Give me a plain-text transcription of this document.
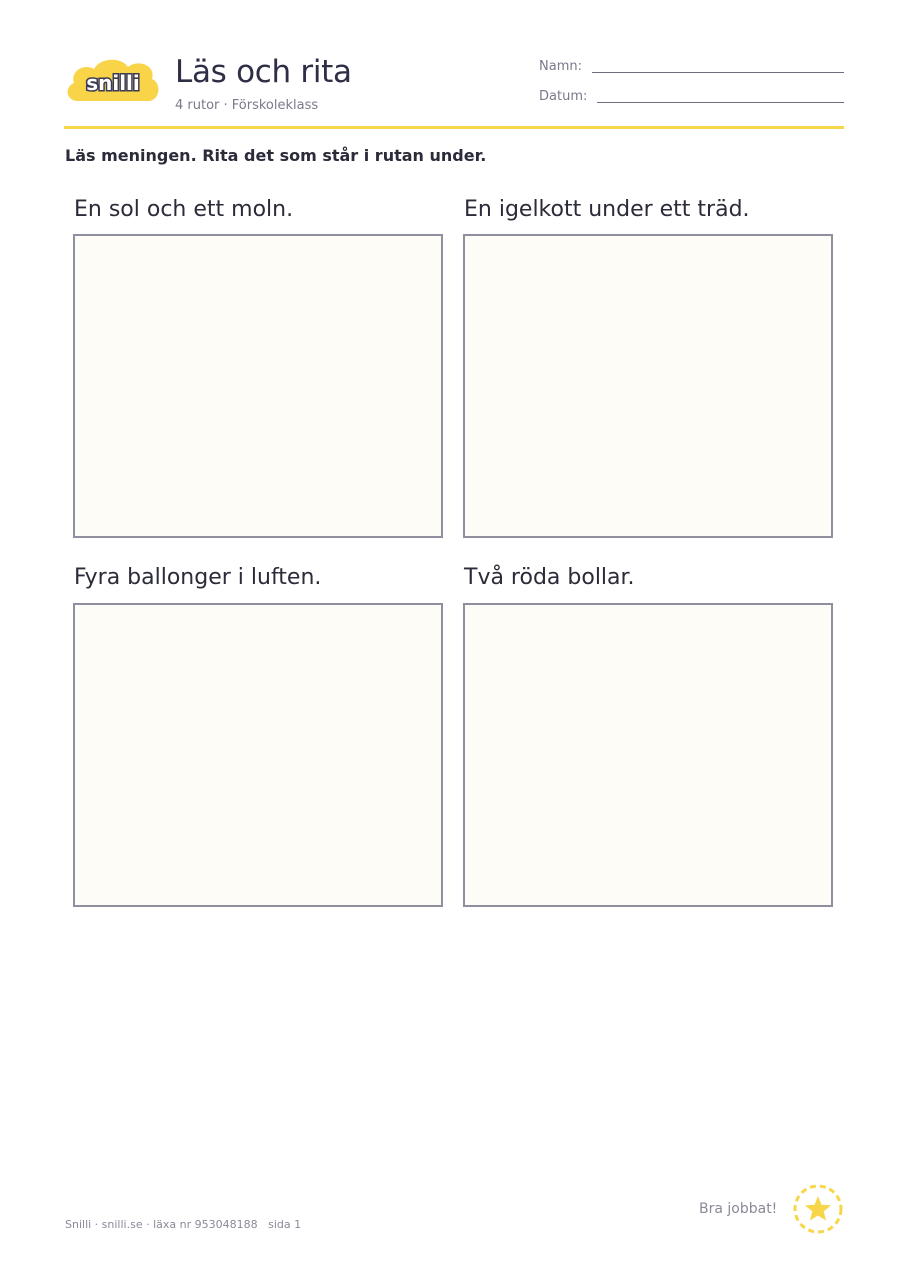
snilli Läs och rita
4 rutor · Förskoleklass
Namn:
Datum:
Läs meningen. Rita det som står i rutan under.
En sol och ett moln.	En igelkott under ett träd.
Fyra ballonger i luften.	Två röda bollar.
Snilli · snilli.se · läxa nr 953048188   sida 1
Bra jobbat!
